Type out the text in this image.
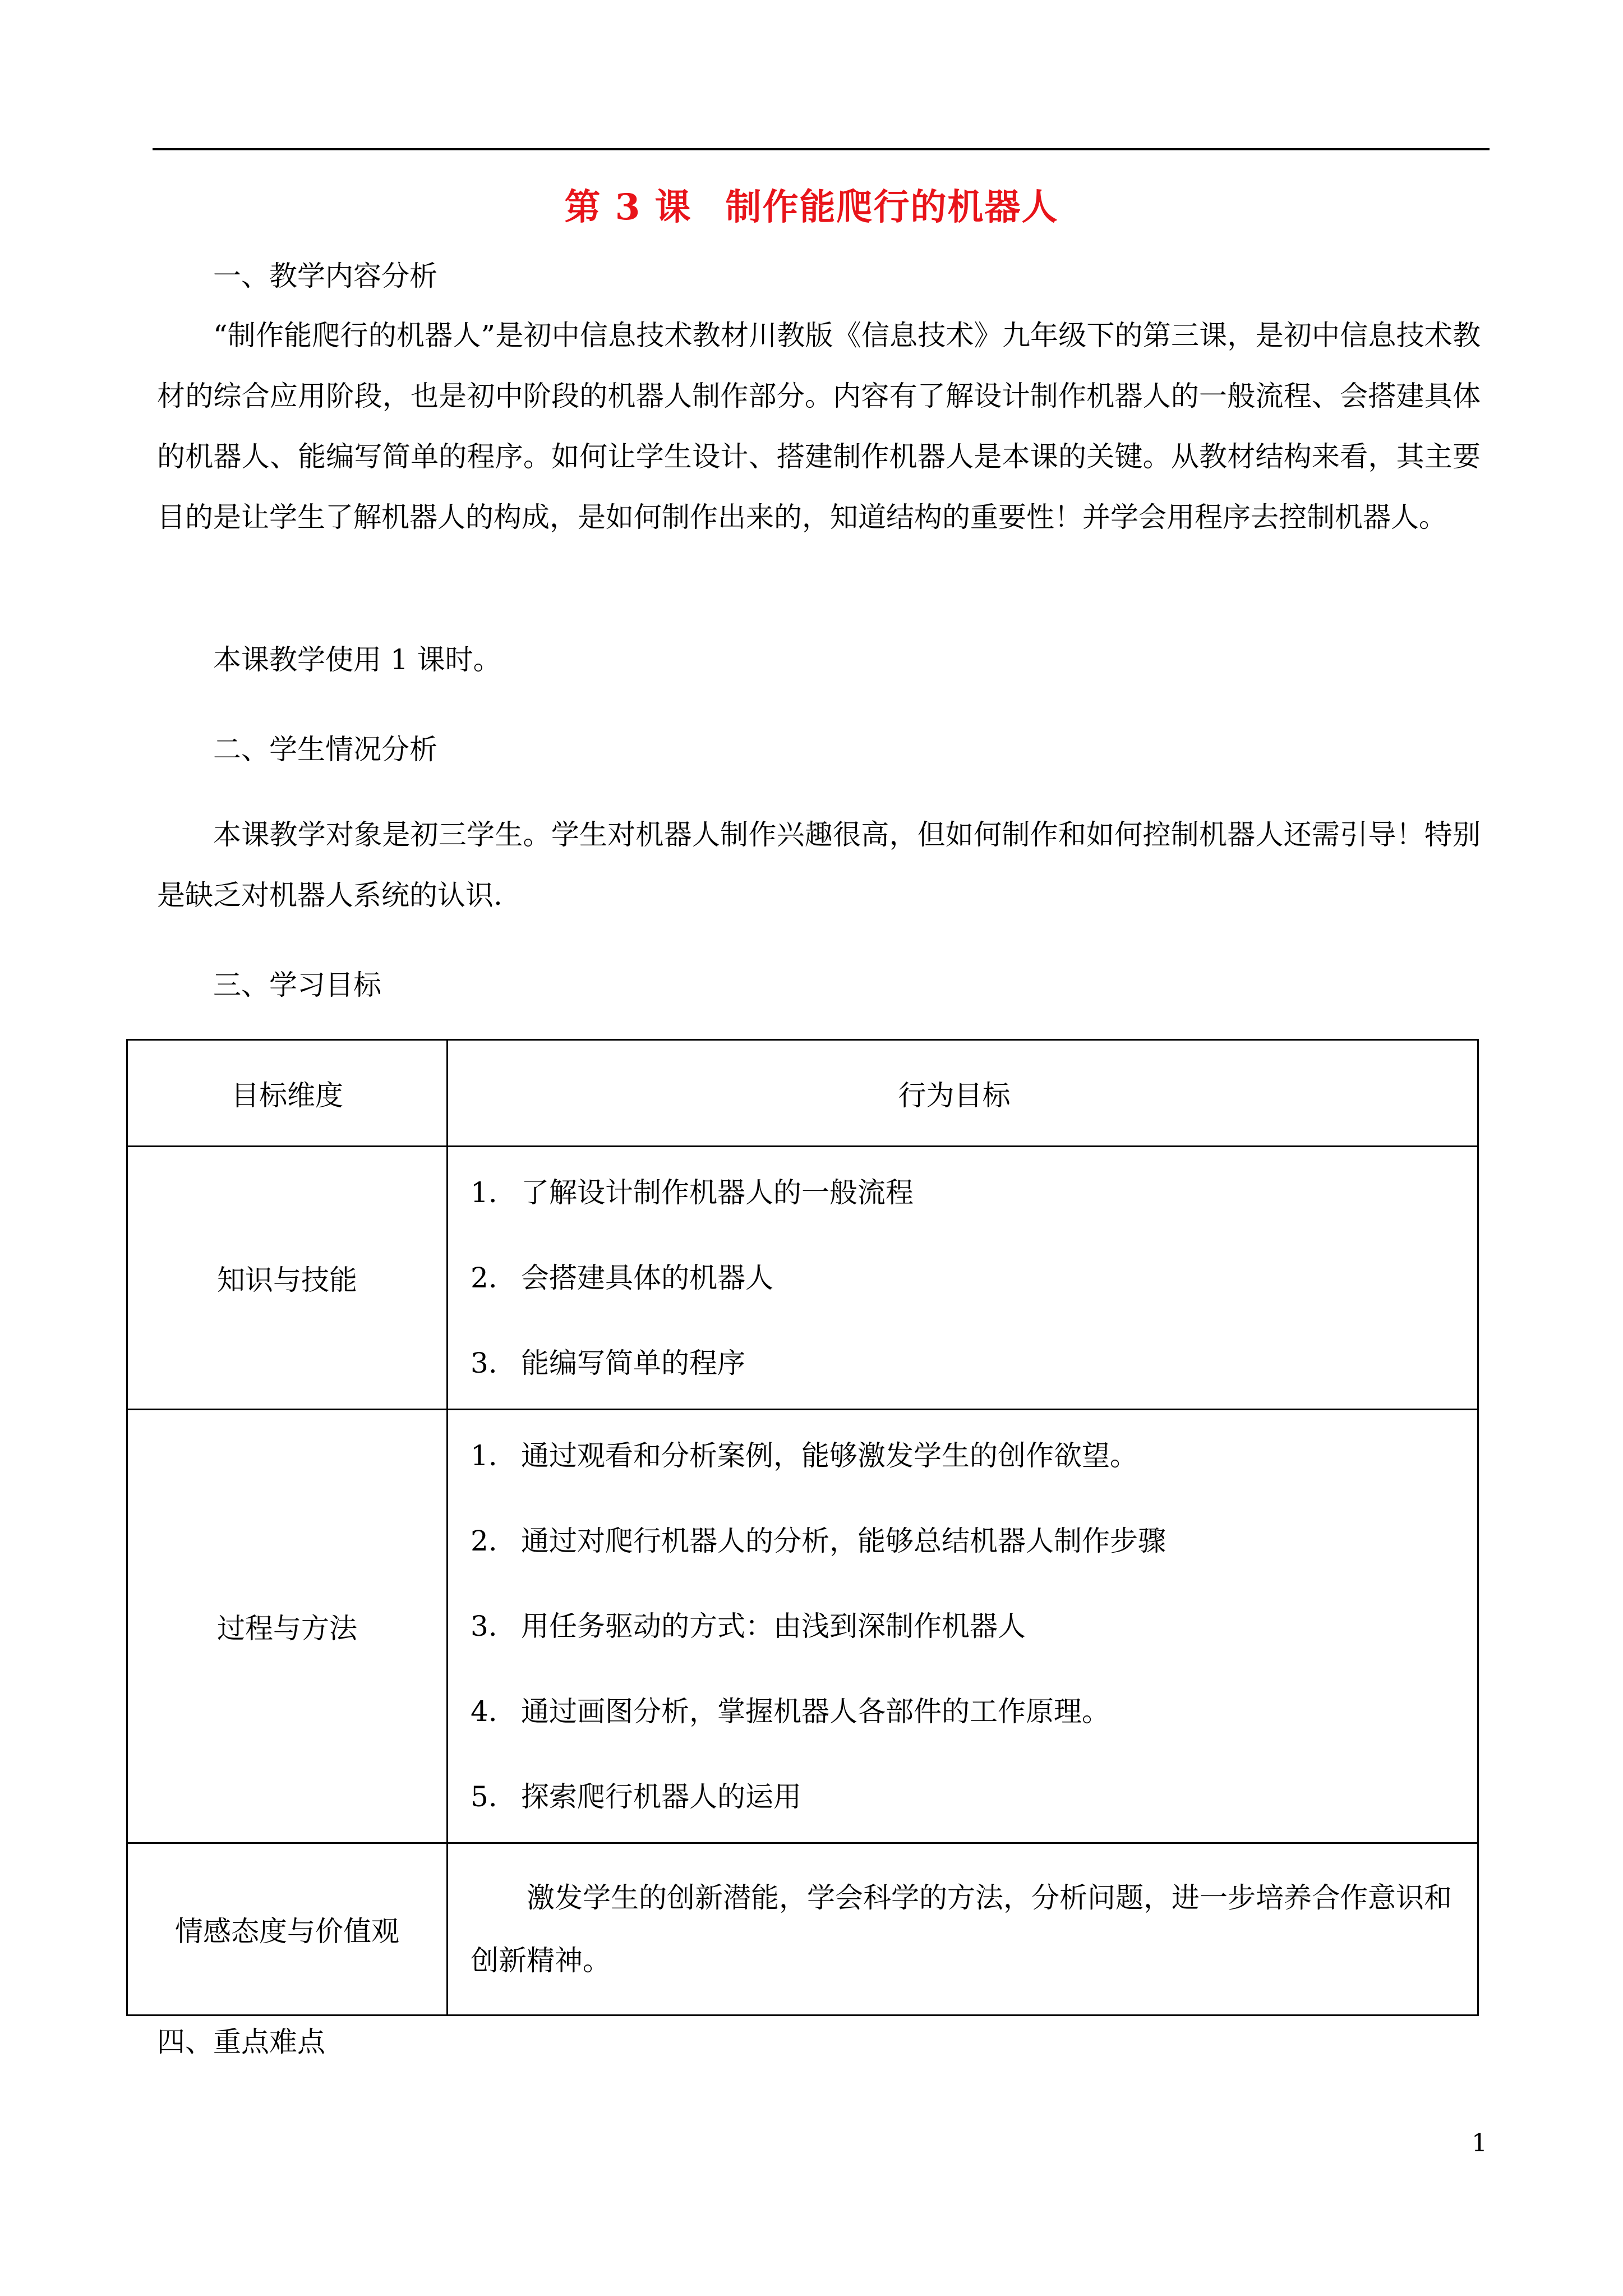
第 3 课 制作能爬行的机器人
一、教学内容分析
“制作能爬行的机器人”是初中信息技术教材川教版《信息技术》九年级下的第三课，是初中信息技术教材的综合应用阶段，也是初中阶段的机器人制作部分。内容有了解设计制作机器人的一般流程、会搭建具体的机器人、能编写简单的程序。如何让学生设计、搭建制作机器人是本课的关键。从教材结构来看，其主要目的是让学生了解机器人的构成，是如何制作出来的，知道结构的重要性！并学会用程序去控制机器人。
本课教学使用 1 课时。
二、学生情况分析
本课教学对象是初三学生。学生对机器人制作兴趣很高，但如何制作和如何控制机器人还需引导！特别是缺乏对机器人系统的认识.
三、学习目标
目标维度	行为目标
知识与技能	1. 了解设计制作机器人的一般流程
2. 会搭建具体的机器人
3. 能编写简单的程序

过程与方法	1. 通过观看和分析案例，能够激发学生的创作欲望。
2. 通过对爬行机器人的分析，能够总结机器人制作步骤
3. 用任务驱动的方式：由浅到深制作机器人
4. 通过画图分析，掌握机器人各部件的工作原理。
5. 探索爬行机器人的运用

情感态度与价值观	激发学生的创新潜能，学会科学的方法，分析问题，进一步培养合作意识和创新精神。
四、重点难点
1
